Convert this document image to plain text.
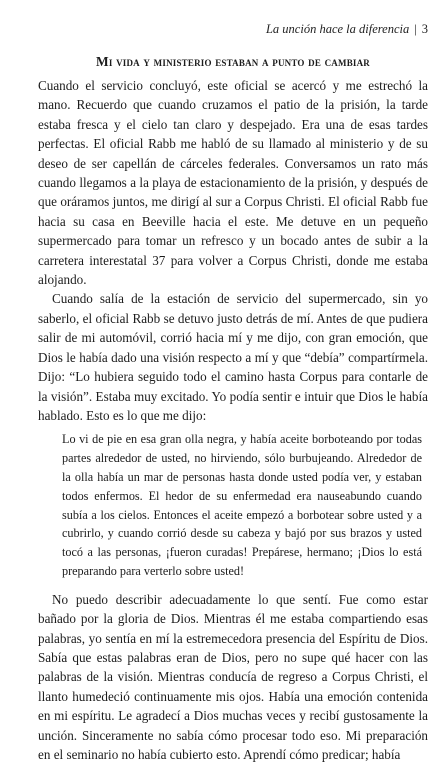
La unción hace la diferencia | 3
Mi vida y ministerio estaban a punto de cambiar

Cuando el servicio concluyó, este oficial se acercó y me estrechó la mano. Recuerdo que cuando cruzamos el patio de la prisión, la tarde estaba fresca y el cielo tan claro y despejado. Era una de esas tardes perfectas. El oficial Rabb me habló de su llamado al ministerio y de su deseo de ser capellán de cárceles federales. Conversamos un rato más cuando llegamos a la playa de estacionamiento de la prisión, y después de que oráramos juntos, me dirigí al sur a Corpus Christi. El oficial Rabb fue hacia su casa en Beeville hacia el este. Me detuve en un pequeño supermercado para tomar un refresco y un bocado antes de subir a la carretera interestatal 37 para volver a Corpus Christi, donde me estaba alojando.

Cuando salía de la estación de servicio del supermercado, sin yo saberlo, el oficial Rabb se detuvo justo detrás de mí. Antes de que pudiera salir de mi automóvil, corrió hacia mí y me dijo, con gran emoción, que Dios le había dado una visión respecto a mí y que “debía” compartírmela. Dijo: “Lo hubiera seguido todo el camino hasta Corpus para contarle de la visión”. Estaba muy excitado. Yo podía sentir e intuir que Dios le había hablado. Esto es lo que me dijo:

Lo vi de pie en esa gran olla negra, y había aceite borboteando por todas partes alrededor de usted, no hirviendo, sólo burbujeando. Alrededor de la olla había un mar de personas hasta donde usted podía ver, y estaban todos enfermos. El hedor de su enfermedad era nauseabundo cuando subía a los cielos. Entonces el aceite empezó a borbotear sobre usted y a cubrirlo, y cuando corrió desde su cabeza y bajó por sus brazos y usted tocó a las personas, ¡fueron curadas! Prepárese, hermano; ¡Dios lo está preparando para verterlo sobre usted!

No puedo describir adecuadamente lo que sentí. Fue como estar bañado por la gloria de Dios. Mientras él me estaba compartiendo esas palabras, yo sentía en mí la estremecedora presencia del Espíritu de Dios. Sabía que estas palabras eran de Dios, pero no supe qué hacer con las palabras de la visión. Mientras conducía de regreso a Corpus Christi, el llanto humedeció continuamente mis ojos. Había una emoción contenida en mi espíritu. Le agradecí a Dios muchas veces y recibí gustosamente la unción. Sinceramente no sabía cómo procesar todo eso. Mi preparación en el seminario no había cubierto esto. Aprendí cómo predicar; había
